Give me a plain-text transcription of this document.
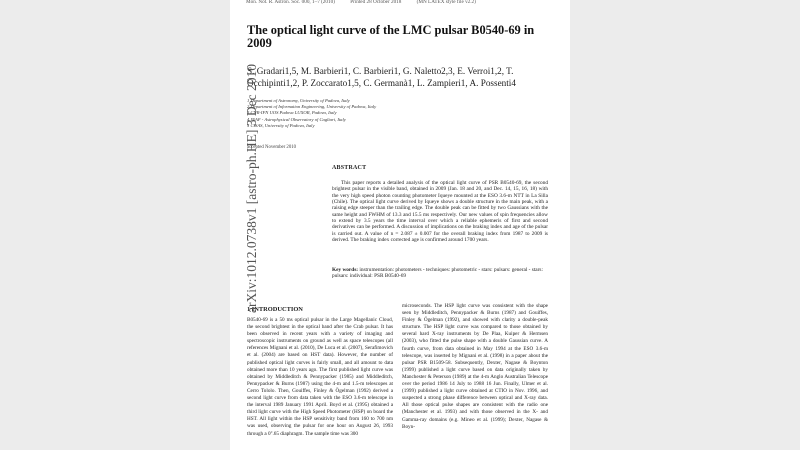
Mon. Not. R. Astron. Soc. 000, 1–7 (2010)	Printed 28 October 2018	(MN LATEX style file v2.2)
The optical light curve of the LMC pulsar B0540-69 in 2009
S. Gradari1,5, M. Barbieri1, C. Barbieri1, G. Naletto2,3, E. Verroi1,2, T. Occhipinti1,2, P. Zoccarato1,5, C. Germanà1, L. Zampieri1, A. Possenti4
1 Department of Astronomy, University of Padova, Italy
2 Department of Information Engineering, University of Padova, Italy
3 CNR-IFN UOS Padova LUXOR, Padova, Italy
4 INAF - Astrophysical Observatory of Cagliari, Italy
5 CISAS, University of Padova, Italy
accepted November 2010
ABSTRACT
This paper reports a detailed analysis of the optical light curve of PSR B0540-69, the second brightest pulsar in the visible band, obtained in 2009 (Jan. 18 and 20, and Dec. 14, 15, 16, 18) with the very high speed photon counting photometer Iqueye mounted at the ESO 3.6-m NTT in La Silla (Chile). The optical light curve derived by Iqueye shows a double structure in the main peak, with a raising edge steeper than the trailing edge. The double peak can be fitted by two Gaussians with the same height and FWHM of 13.3 and 15.5 ms respectively. Our new values of spin frequencies allow to extend by 3.5 years the time interval over which a reliable ephemeris of first and second derivatives can be performed. A discussion of implications on the braking index and age of the pulsar is carried out. A value of n = 2.087 ± 0.007 for the overall braking index from 1987 to 2009 is derived. The braking index corrected age is confirmed around 1700 years.
Key words: instrumentation: photometers - techniques: photometric - stars: pulsars: general - stars: pulsars: individual: PSR B0540-69
1 INTRODUCTION
B0540-69 is a 50 ms optical pulsar in the Large Magellanic Cloud, the second brightest in the optical band after the Crab pulsar. It has been observed in recent years with a variety of imaging and spectroscopic instruments on ground as well as space telescopes (all references Mignani et al. (2010), De Luca et al. (2007), Serafimovich et al. (2004) are based on HST data). However, the number of published optical light curves is fairly small, and all amount to data obtained more than 10 years ago. The first published light curve was obtained by Middleditch & Pennypacker (1985) and Middleditch, Pennypacker & Burns (1987) using the 4-m and 1.5-m telescopes at Cerro Tololo. Then, Gouiffes, Finley & Ögelman (1992) derived a second light curve from data taken with the ESO 3.6-m telescope in the interval 1989 January 1991 April. Boyd et al. (1995) obtained a third light curve with the High Speed Photometer (HSP) on board the HST. All light within the HSP sensitivity band from 160 to 700 nm was used, observing the pulsar for one hour on August 26, 1993 through a 0''.65 diaphragm. The sample time was 300
microseconds. The HSP light curve was consistent with the shape seen by Middleditch, Pennypacker & Burns (1987) and Gouiffes, Finley & Ögelman (1992), and showed with clarity a double-peak structure. The HSP light curve was compared to those obtained by several hard X-ray instruments by De Plaa, Kuiper & Hermsen (2003), who fitted the pulse shape with a double Gaussian curve. A fourth curve, from data obtained in May 1994 at the ESO 3.6-m telescope, was inserted by Mignani et al. (1998) in a paper about the pulsar PSR B1509-58. Subsequently, Dexter, Nagase & Boynton (1999) published a light curve based on data originally taken by Manchester & Peterson (1989) at the 4-m Anglo Australian Telescope over the period 1986 14 July to 1988 16 Jun. Finally, Ulmer et al. (1999) published a light curve obtained at CTIO in Nov. 1996, and suspected a strong phase difference between optical and X-ray data. All those optical pulse shapes are consistent with the radio one (Manchester et al. 1993) and with those observed in the X- and Gamma-ray domains (e.g. Mineo et al. (1999); Dexter, Nagase & Boyn-
arXiv:1012.0738v1 [astro-ph.HE] 3 Dec 2010
